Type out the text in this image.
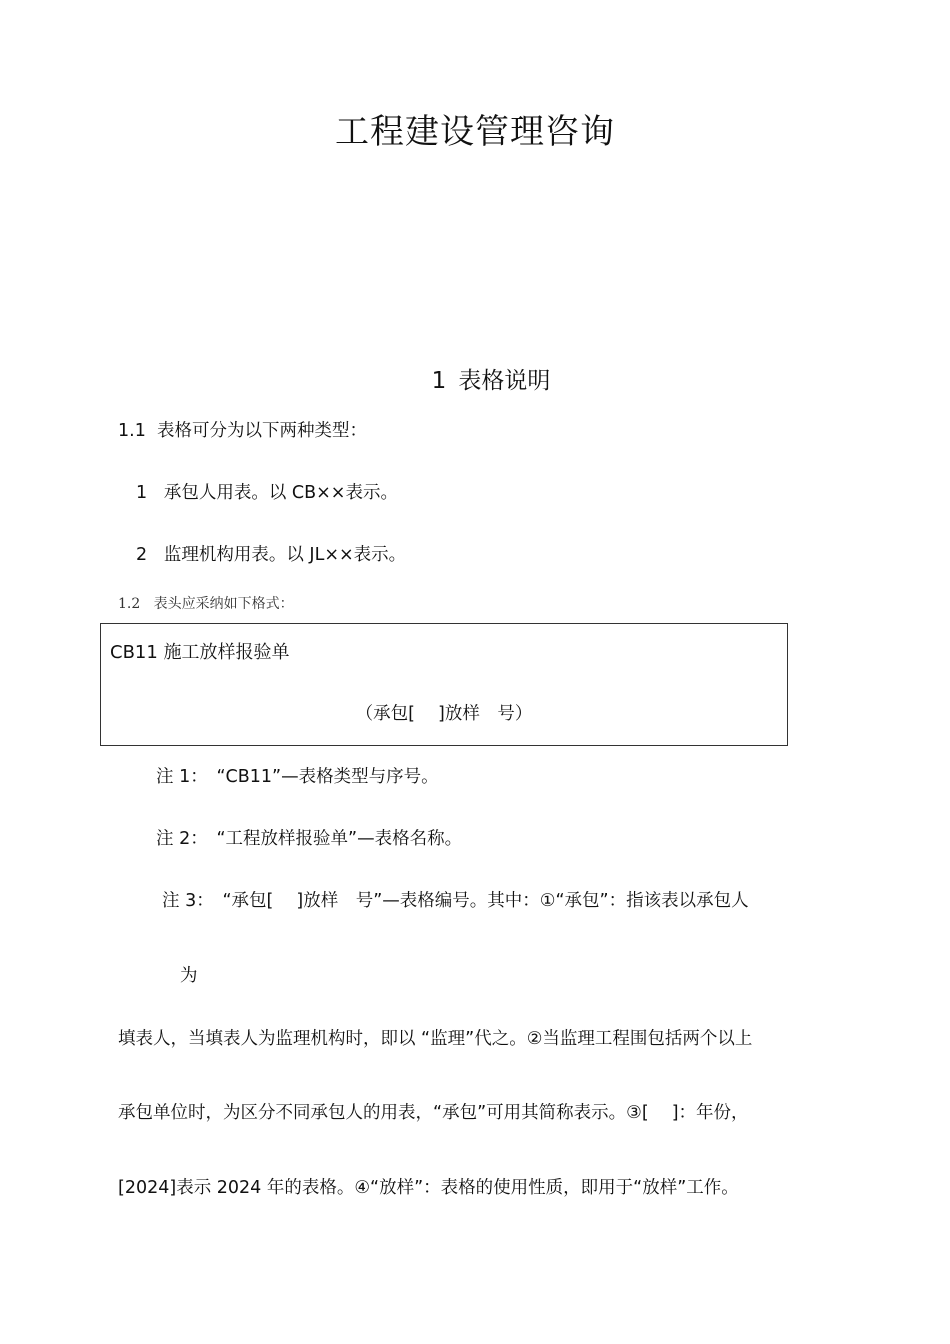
工程建设管理咨询
1 表格说明
1.1 表格可分为以下两种类型：
1 承包人用表。以 CB××表示。
2 监理机构用表。以 JL××表示。
1.2 表头应采纳如下格式：
CB11 施工放样报验单
（承包[　 ]放样　号）
注 1：　“CB11”—表格类型与序号。
注 2：　“工程放样报验单”—表格名称。
注 3：　“承包[　 ]放样　号”—表格编号。其中：①“承包”：指该表以承包人
为
填表人，当填表人为监理机构时，即以 “监理”代之。②当监理工程围包括两个以上
承包单位时，为区分不同承包人的用表，“承包”可用其简称表示。③[　 ]：年份，
[2024]表示 2024 年的表格。④“放样”：表格的使用性质，即用于“放样”工作。
